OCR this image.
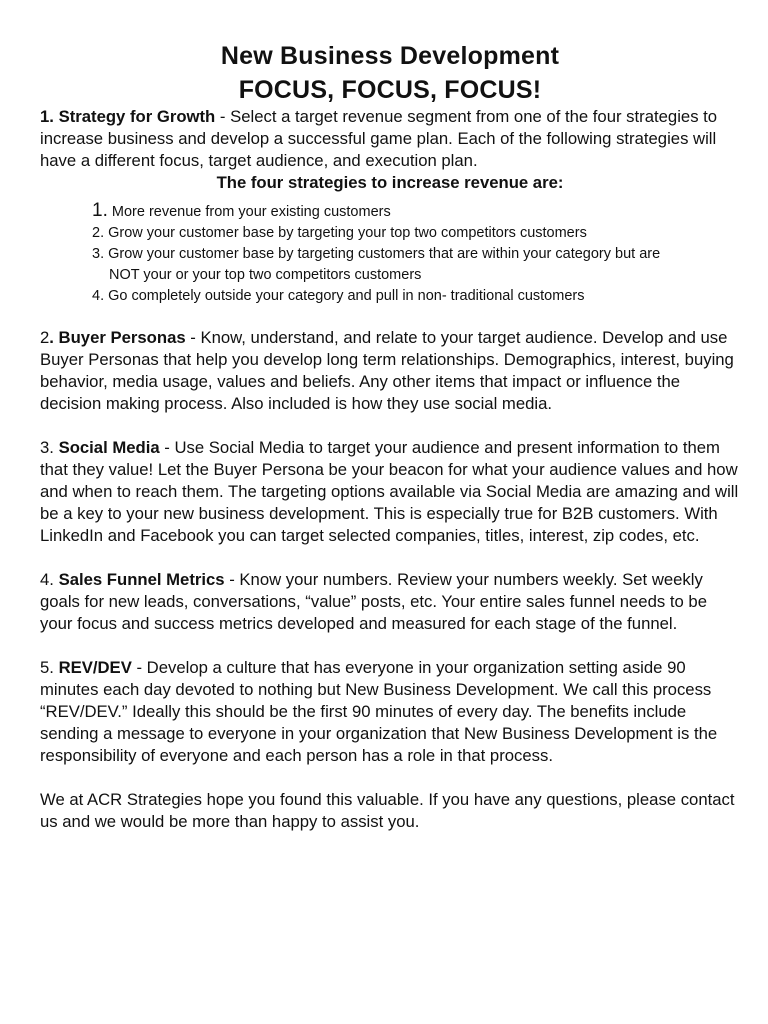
New Business Development
FOCUS, FOCUS, FOCUS!

1. Strategy for Growth - Select a target revenue segment from one of the four strategies to increase business and develop a successful game plan. Each of the following strategies will have a different focus, target audience, and execution plan.

The four strategies to increase revenue are:

1. More revenue from your existing customers
2. Grow your customer base by targeting your top two competitors customers
3. Grow your customer base by targeting customers that are within your category but are
NOT your or your top two competitors customers
4. Go completely outside your category and pull in non- traditional customers

2. Buyer Personas - Know, understand, and relate to your target audience. Develop and use Buyer Personas that help you develop long term relationships. Demographics, interest, buying behavior, media usage, values and beliefs. Any other items that impact or influence the decision making process. Also included is how they use social media.

3. Social Media - Use Social Media to target your audience and present information to them that they value! Let the Buyer Persona be your beacon for what your audience values and how and when to reach them. The targeting options available via Social Media are amazing and will be a key to your new business development. This is especially true for B2B customers. With LinkedIn and Facebook you can target selected companies, titles, interest, zip codes, etc.

4. Sales Funnel Metrics - Know your numbers. Review your numbers weekly. Set weekly goals for new leads, conversations, “value” posts, etc. Your entire sales funnel needs to be your focus and success metrics developed and measured for each stage of the funnel.

5. REV/DEV - Develop a culture that has everyone in your organization setting aside 90 minutes each day devoted to nothing but New Business Development. We call this process “REV/DEV.” Ideally this should be the first 90 minutes of every day. The benefits include sending a message to everyone in your organization that New Business Development is the responsibility of everyone and each person has a role in that process.

We at ACR Strategies hope you found this valuable. If you have any questions, please contact us and we would be more than happy to assist you.
